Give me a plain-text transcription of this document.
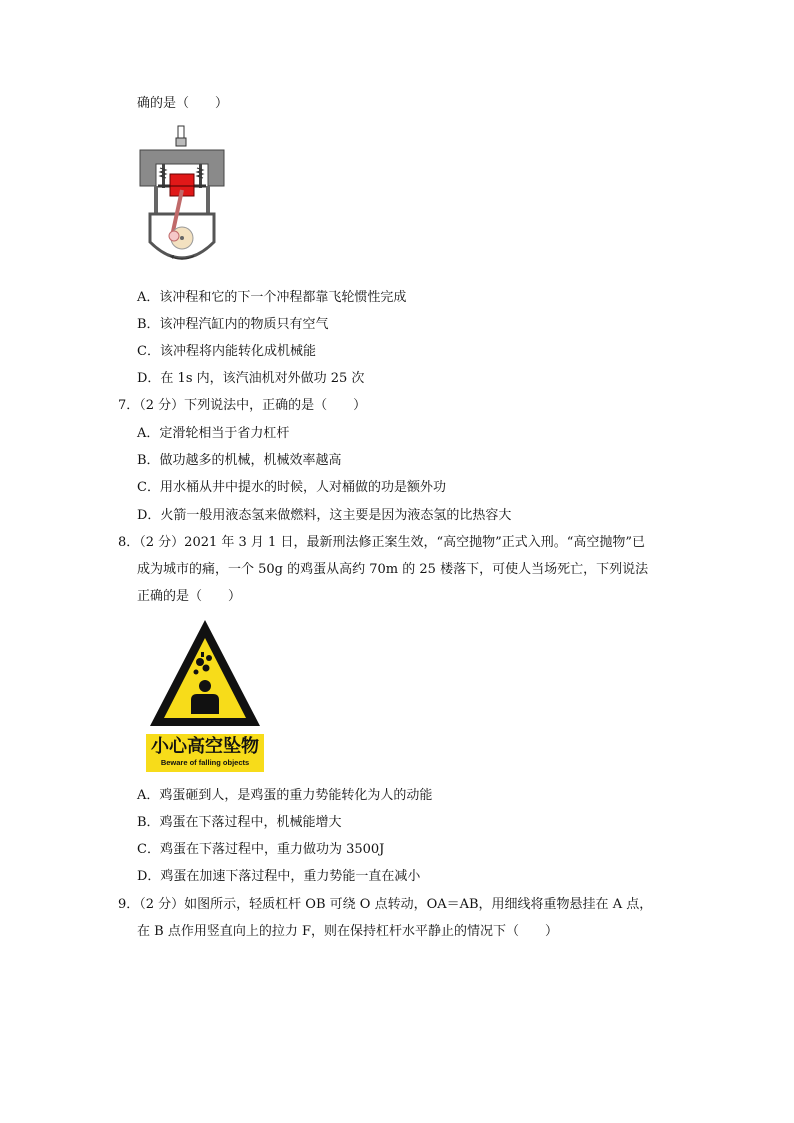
确的是（　　）
A．该冲程和它的下一个冲程都靠飞轮惯性完成
B．该冲程汽缸内的物质只有空气
C．该冲程将内能转化成机械能
D．在 1s 内，该汽油机对外做功 25 次
7．（2 分）下列说法中，正确的是（　　）
A．定滑轮相当于省力杠杆
B．做功越多的机械，机械效率越高
C．用水桶从井中提水的时候，人对桶做的功是额外功
D．火箭一般用液态氢来做燃料，这主要是因为液态氢的比热容大
8．（2 分）2021 年 3 月 1 日，最新刑法修正案生效，“高空抛物”正式入刑。“高空抛物”已
成为城市的痛，一个 50g 的鸡蛋从高约 70m 的 25 楼落下，可使人当场死亡，下列说法
正确的是（　　）
小心高空坠物
Beware of falling objects
A．鸡蛋砸到人，是鸡蛋的重力势能转化为人的动能
B．鸡蛋在下落过程中，机械能增大
C．鸡蛋在下落过程中，重力做功为 3500J
D．鸡蛋在加速下落过程中，重力势能一直在减小
9．（2 分）如图所示，轻质杠杆 OB 可绕 O 点转动，OA＝AB，用细线将重物悬挂在 A 点，
在 B 点作用竖直向上的拉力 F，则在保持杠杆水平静止的情况下（　　）
